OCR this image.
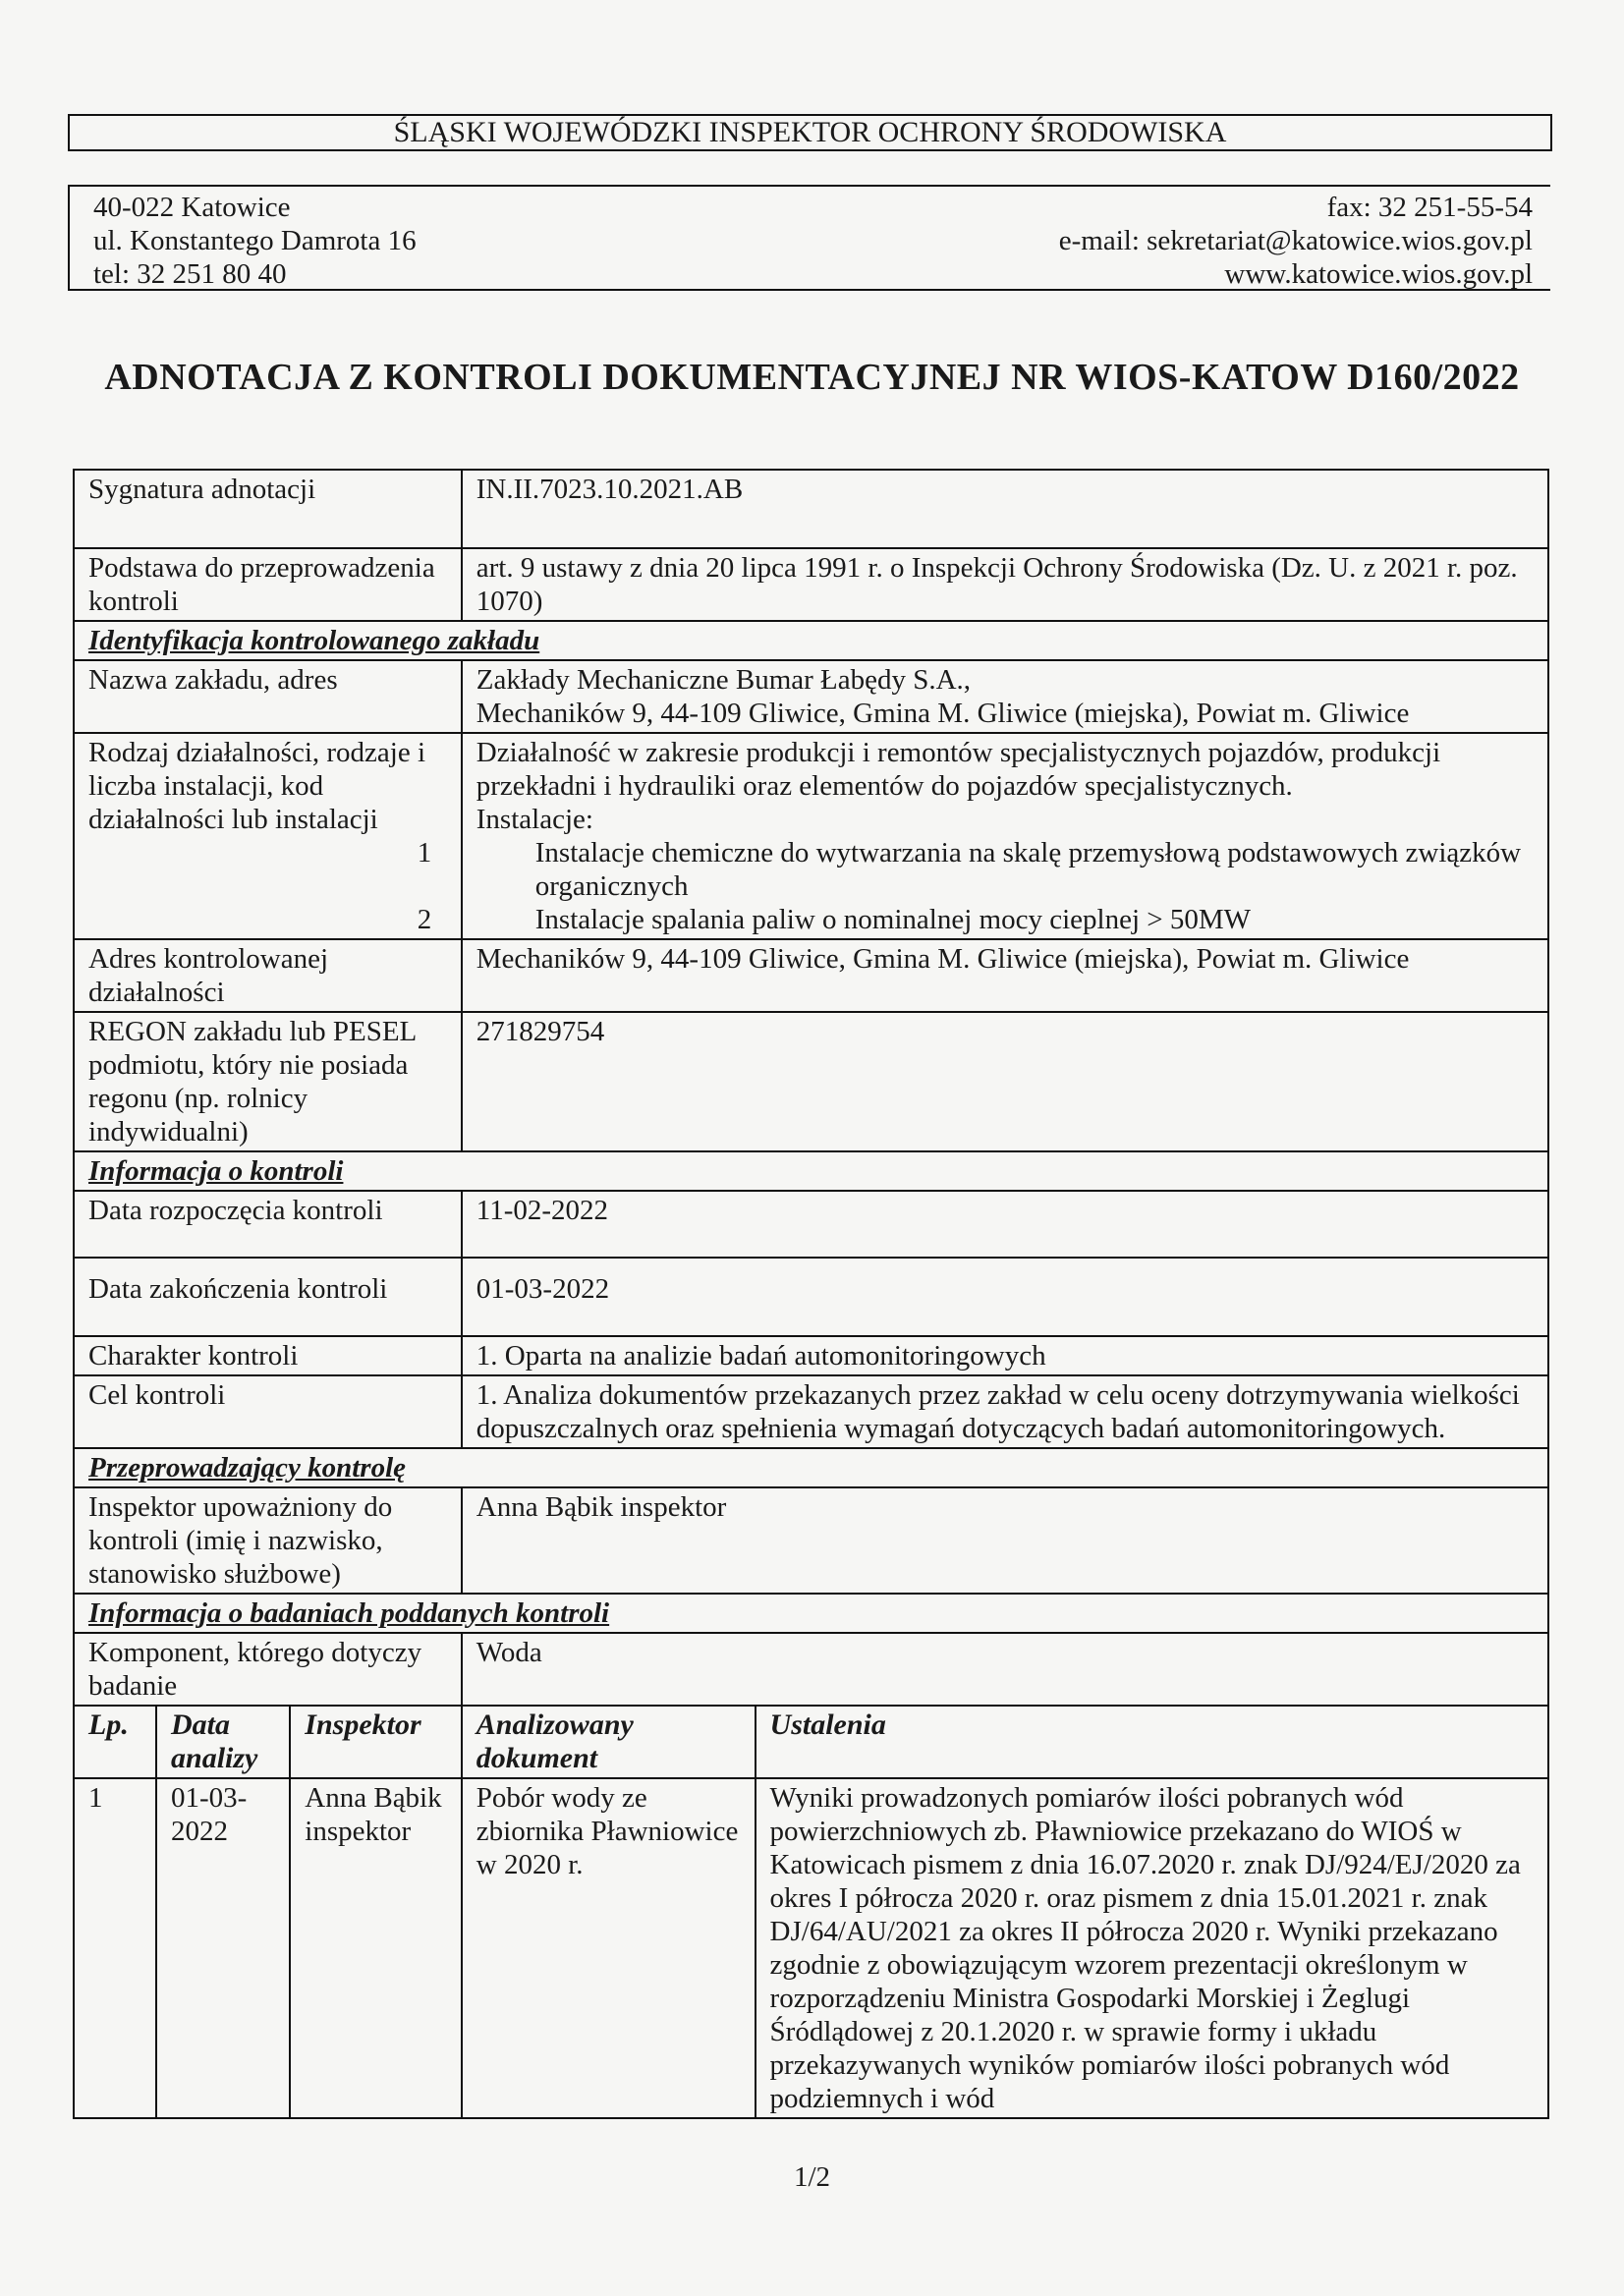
ŚLĄSKI WOJEWÓDZKI INSPEKTOR OCHRONY ŚRODOWISKA
40-022 Katowice
ul. Konstantego Damrota 16
tel: 32 251 80 40
fax: 32 251-55-54
e-mail: sekretariat@katowice.wios.gov.pl
www.katowice.wios.gov.pl
ADNOTACJA Z KONTROLI DOKUMENTACYJNEJ NR WIOS-KATOW D160/2022
Sygnatura adnotacji			IN.II.7023.10.2021.AB	
Podstawa do przeprowadzenia kontroli			art. 9 ustawy z dnia 20 lipca 1991 r. o Inspekcji Ochrony Środowiska (Dz. U. z 2021 r. poz. 1070)	
Identyfikacja kontrolowanego zakładu				
Nazwa zakładu, adres			Zakłady Mechaniczne Bumar Łabędy S.A.,
Mechaników 9, 44-109 Gliwice, Gmina M. Gliwice (miejska), Powiat m. Gliwice	

Rodzaj działalności, rodzaje i liczba instalacji, kod działalności lub instalacji			Działalność w zakresie produkcji i remontów specjalistycznych pojazdów, produkcji przekładni i hydrauliki oraz elementów do pojazdów specjalistycznych.
Instalacje:
1 Instalacje chemiczne do wytwarzania na skalę przemysłową podstawowych związków organicznych
2 Instalacje spalania paliw o nominalnej mocy cieplnej > 50MW	

Adres kontrolowanej działalności			Mechaników 9, 44-109 Gliwice, Gmina M. Gliwice (miejska), Powiat m. Gliwice	
REGON zakładu lub PESEL podmiotu, który nie posiada regonu (np. rolnicy indywidualni)			271829754	
Informacja o kontroli				
Data rozpoczęcia kontroli			11-02-2022	
Data zakończenia kontroli			01-03-2022	
Charakter kontroli			1. Oparta na analizie badań automonitoringowych	
Cel kontroli			1. Analiza dokumentów przekazanych przez zakład w celu oceny dotrzymywania wielkości dopuszczalnych oraz spełnienia wymagań dotyczących badań automonitoringowych.	
Przeprowadzający kontrolę				
Inspektor upoważniony do kontroli (imię i nazwisko, stanowisko służbowe)			Anna Bąbik inspektor	
Informacja o badaniach poddanych kontroli				
Komponent, którego dotyczy badanie			Woda	
Lp.	Data analizy	Inspektor	Analizowany dokument	Ustalenia
1	01-03-2022	Anna Bąbik inspektor	Pobór wody ze zbiornika Pławniowice w 2020 r.	Wyniki prowadzonych pomiarów ilości pobranych wód powierzchniowych zb. Pławniowice przekazano do WIOŚ w Katowicach pismem z dnia 16.07.2020 r. znak DJ/924/EJ/2020 za okres I półrocza 2020 r. oraz pismem z dnia 15.01.2021 r. znak DJ/64/AU/2021 za okres II półrocza 2020 r. Wyniki przekazano zgodnie z obowiązującym wzorem prezentacji określonym w rozporządzeniu Ministra Gospodarki Morskiej i Żeglugi Śródlądowej z 20.1.2020 r. w sprawie formy i układu przekazywanych wyników pomiarów ilości pobranych wód podziemnych i wód
1/2
